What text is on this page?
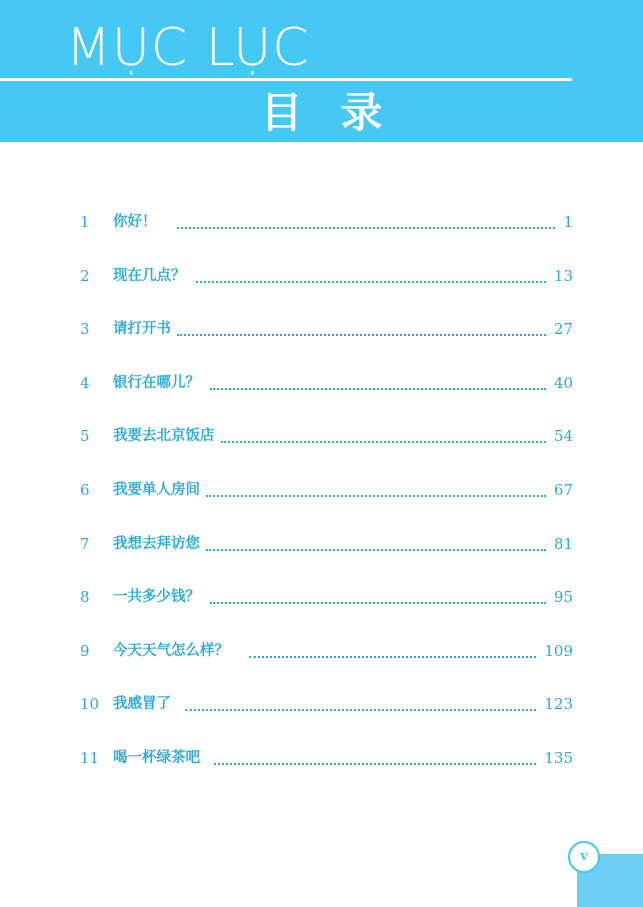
MỤC LỤC
目录
1	你好！	1
2	现在几点？	13
3	请打开书	27
4	银行在哪儿？	40
5	我要去北京饭店	54
6	我要单人房间	67
7	我想去拜访您	81
8	一共多少钱？	95
9	今天天气怎么样？	109
10 我感冒了	123
11 喝一杯绿茶吧	135
v
